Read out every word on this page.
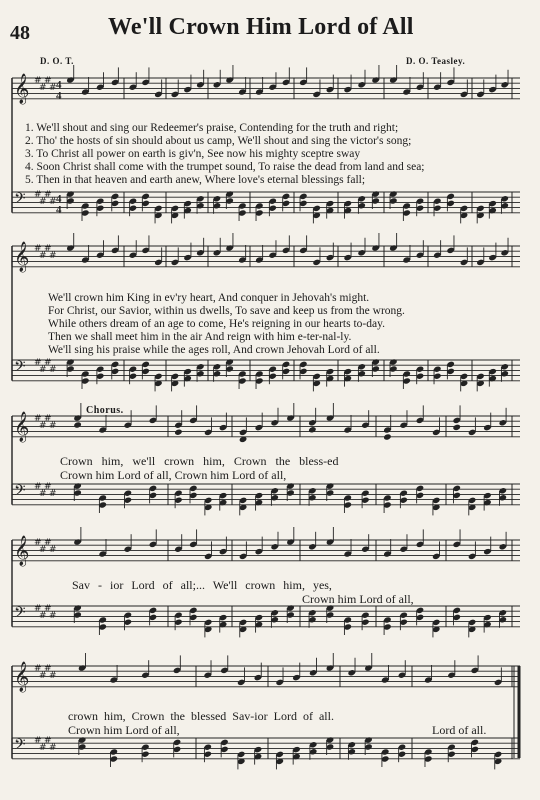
48	We'll Crown Him Lord of All
D. O. T.	D. O. Teasley.
𝄞 #
#
#
# 4
4
𝄢 #
#
#
# 4
4
𝄞 #
#
#
#
𝄢 #
#
#
#
𝄞 #
#
#
#
𝄢 #
#
#
#
𝄞 #
#
#
#
𝄢 #
#
#
#
𝄞 #
#
#
#
𝄢 #
#
#
#
1. We'll shout and sing our Redeemer's praise, Contending for the truth and right;
2. Tho' the hosts of sin should about us camp, We'll shout and sing the victor's song;
3. To Christ all power on earth is giv'n, See now his mighty sceptre sway
4. Soon Christ shall come with the trumpet sound, To raise the dead from land and sea;
5. Then in that heaven and earth anew, Where love's eternal blessings fall;
We'll crown him King in ev'ry heart, And conquer in Jehovah's might.
For Christ, our Savior, within us dwells, To save and keep us from the wrong.
While others dream of an age to come, He's reigning in our hearts to-day.
Then we shall meet him in the air And reign with him e-ter-nal-ly.
We'll sing his praise while the ages roll, And crown Jehovah Lord of all.
Chorus.
Crown him, we'll crown him, Crown the bless-ed
Crown him Lord of all, Crown him Lord of all,
Sav - ior Lord of all;... We'll crown him, yes,
Crown him Lord of all,
crown him, Crown the blessed Sav-ior Lord of all.
Crown him Lord of all,	Lord of all.
